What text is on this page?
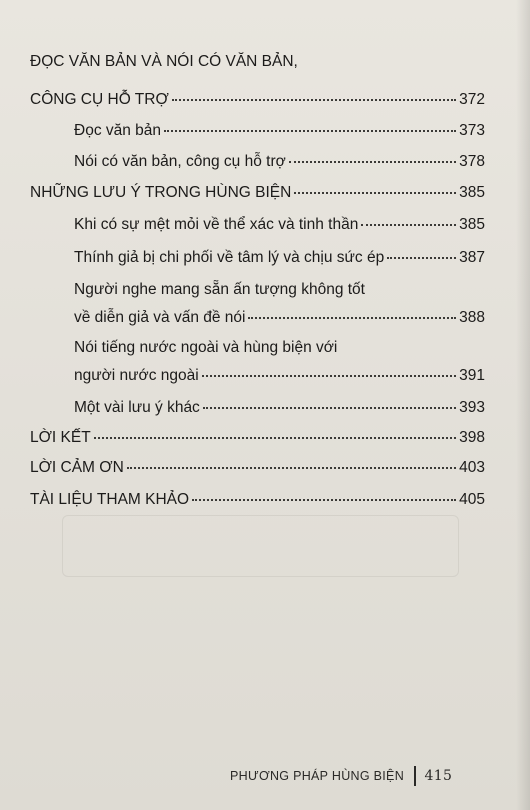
ĐỌC VĂN BẢN VÀ NÓI CÓ VĂN BẢN,
CÔNG CỤ HỖ TRỢ	372
Đọc văn bản	373
Nói có văn bản, công cụ hỗ trợ	378
NHỮNG LƯU Ý TRONG HÙNG BIỆN	385
Khi có sự mệt mỏi về thể xác và tinh thần	385
Thính giả bị chi phối về tâm lý và chịu sức ép	387
Người nghe mang sẵn ấn tượng không tốt
về diễn giả và vấn đề nói	388
Nói tiếng nước ngoài và hùng biện với
người nước ngoài	391
Một vài lưu ý khác	393
LỜI KẾT	398
LỜI CẢM ƠN	403
TÀI LIỆU THAM KHẢO	405
PHƯƠNG PHÁP HÙNG BIỆN 415
